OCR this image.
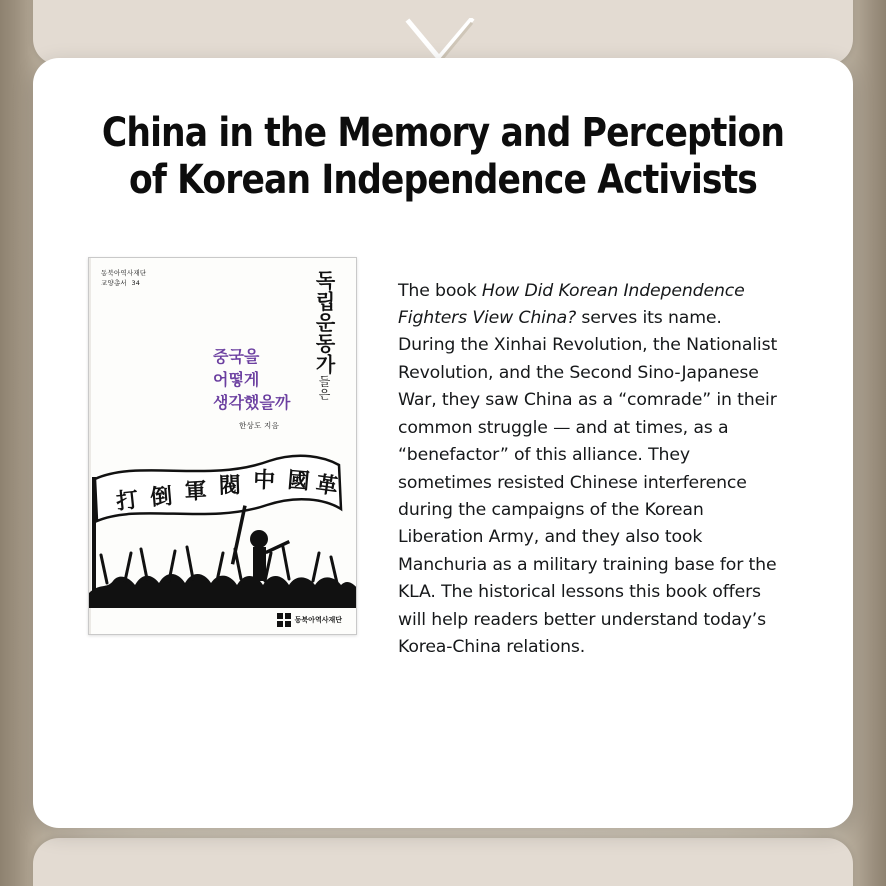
China in the Memory and Perception of Korean Independence Activists
동북아역사재단
교양총서  34	독립운동가들은
중국을
어떻게
생각했을까
한상도 지음
打 倒 軍 閥 中 國 革
동북아역사재단

The book How Did Korean Independence Fighters View China? serves its name. During the Xinhai Revolution, the Nationalist Revolution, and the Second Sino-Japanese War, they saw China as a “comrade” in their common struggle — and at times, as a “benefactor” of this alliance. They sometimes resisted Chinese interference during the campaigns of the Korean Liberation Army, and they also took Manchuria as a military training base for the KLA. The historical lessons this book offers will help readers better understand today’s Korea-China relations.
